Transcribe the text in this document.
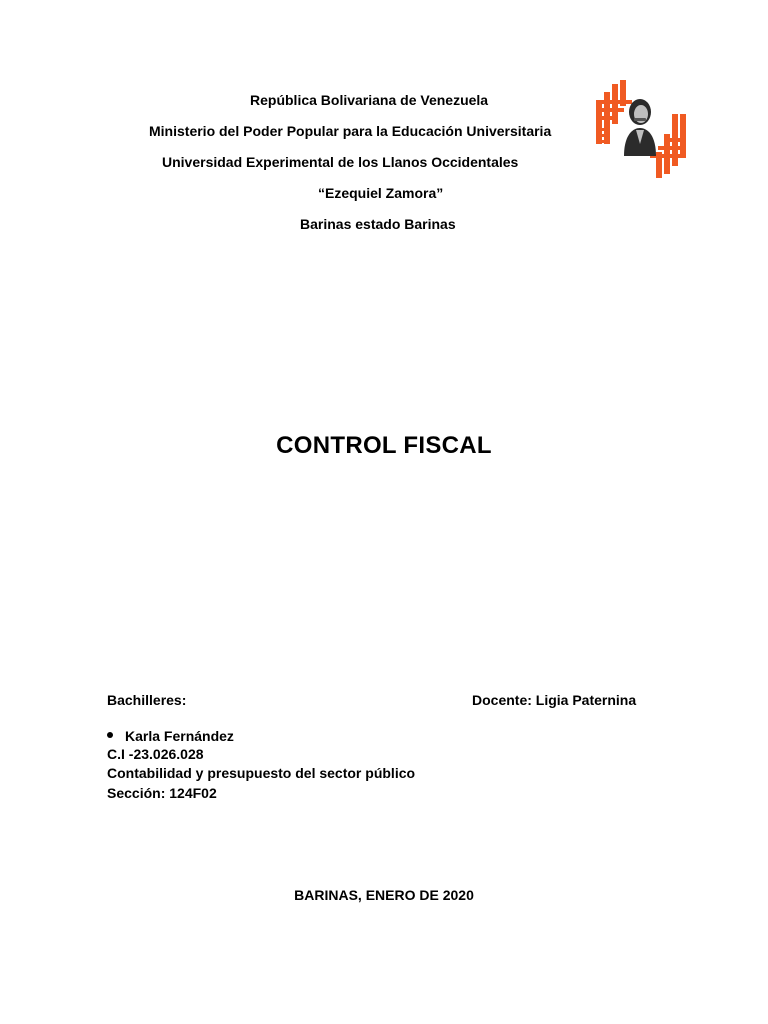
República Bolivariana de Venezuela
Ministerio del Poder Popular para la Educación Universitaria
Universidad Experimental de los Llanos Occidentales
“Ezequiel Zamora”
Barinas estado Barinas
CONTROL FISCAL
Bachilleres:	Docente: Ligia Paternina
Karla Fernández
C.I -23.026.028
Contabilidad y presupuesto del sector público
Sección: 124F02
BARINAS, ENERO DE 2020
